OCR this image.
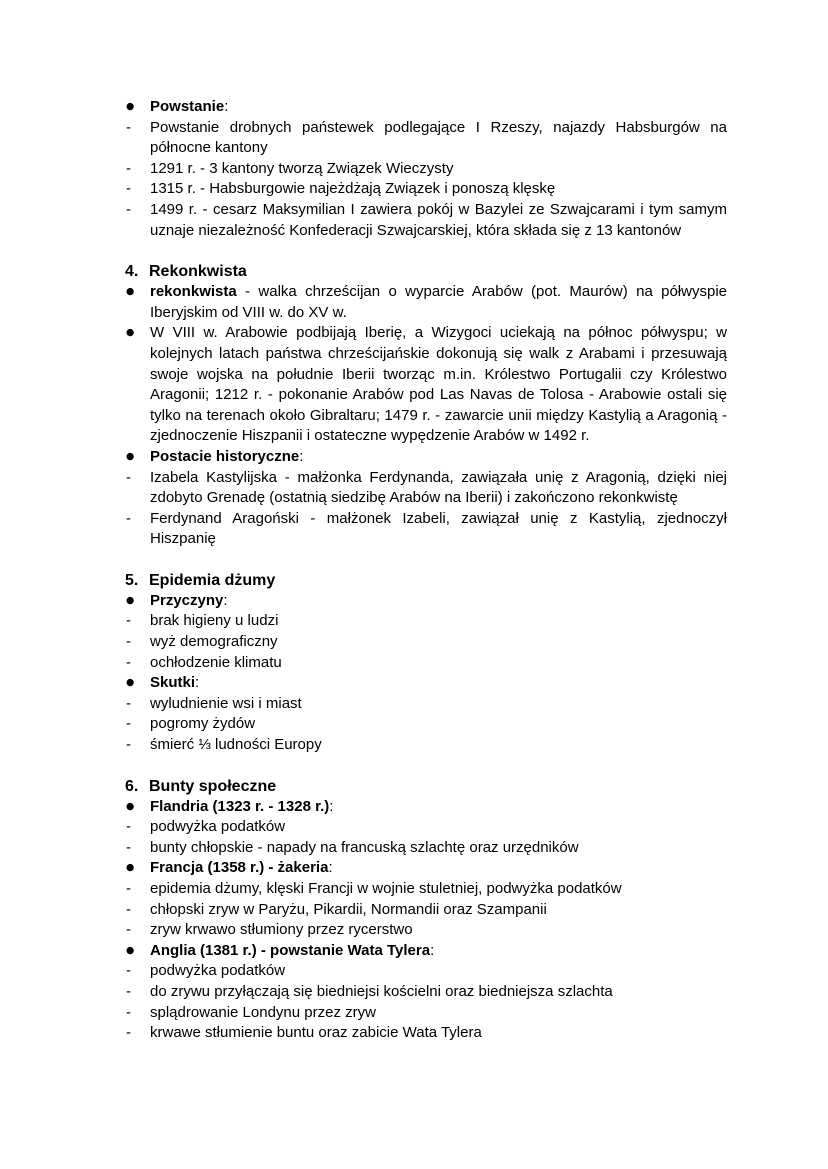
●	Powstanie:
-	Powstanie drobnych państewek podlegające I Rzeszy, najazdy Habsburgów na północne kantony
-	1291 r. - 3 kantony tworzą Związek Wieczysty
-	1315 r. - Habsburgowie najeżdżają Związek i ponoszą klęskę
-	1499 r. - cesarz Maksymilian I zawiera pokój w Bazylei ze Szwajcarami i tym samym uznaje niezależność Konfederacji Szwajcarskiej, która składa się z 13 kantonów
4. Rekonkwista
●	rekonkwista - walka chrześcijan o wyparcie Arabów (pot. Maurów) na półwyspie Iberyjskim od VIII w. do XV w.
●	W VIII w. Arabowie podbijają Iberię, a Wizygoci uciekają na północ półwyspu; w kolejnych latach państwa chrześcijańskie dokonują się walk z Arabami i przesuwają swoje wojska na południe Iberii tworząc m.in. Królestwo Portugalii czy Królestwo Aragonii; 1212 r. - pokonanie Arabów pod Las Navas de Tolosa - Arabowie ostali się tylko na terenach około Gibraltaru; 1479 r. - zawarcie unii między Kastylią a Aragonią - zjednoczenie Hiszpanii i ostateczne wypędzenie Arabów w 1492 r.
●	Postacie historyczne:
-	Izabela Kastylijska - małżonka Ferdynanda, zawiązała unię z Aragonią, dzięki niej zdobyto Grenadę (ostatnią siedzibę Arabów na Iberii) i zakończono rekonkwistę
-	Ferdynand Aragoński - małżonek Izabeli, zawiązał unię z Kastylią, zjednoczył Hiszpanię
5. Epidemia dżumy
●	Przyczyny:
-	brak higieny u ludzi
-	wyż demograficzny
-	ochłodzenie klimatu
●	Skutki:
-	wyludnienie wsi i miast
-	pogromy żydów
-	śmierć ⅓ ludności Europy
6. Bunty społeczne
●	Flandria (1323 r. - 1328 r.):
-	podwyżka podatków
-	bunty chłopskie - napady na francuską szlachtę oraz urzędników
●	Francja (1358 r.) - żakeria:
-	epidemia dżumy, klęski Francji w wojnie stuletniej, podwyżka podatków
-	chłopski zryw w Paryżu, Pikardii, Normandii oraz Szampanii
-	zryw krwawo stłumiony przez rycerstwo
●	Anglia (1381 r.) - powstanie Wata Tylera:
-	podwyżka podatków
-	do zrywu przyłączają się biedniejsi kościelni oraz biedniejsza szlachta
-	splądrowanie Londynu przez zryw
-	krwawe stłumienie buntu oraz zabicie Wata Tylera
